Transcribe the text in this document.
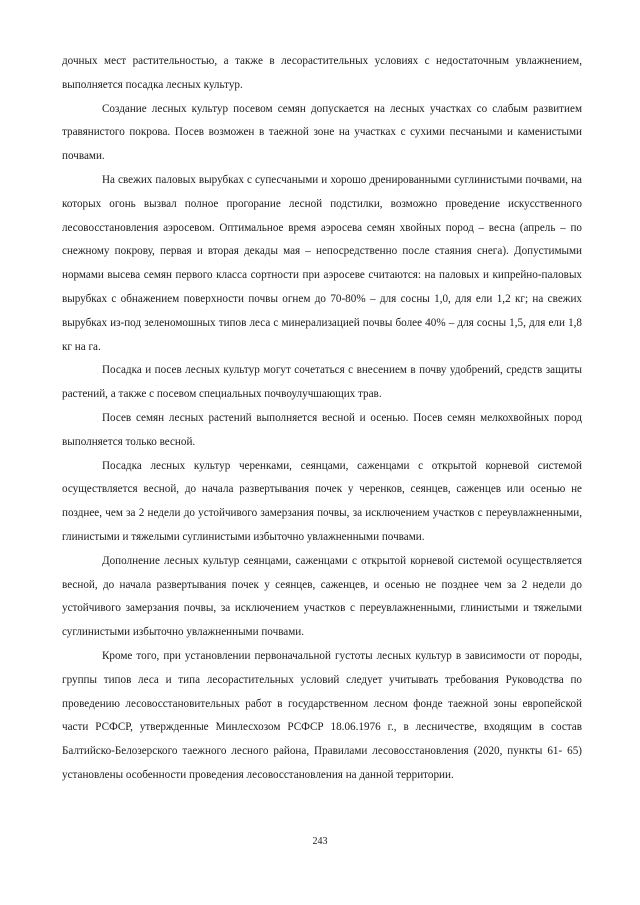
дочных мест растительностью, а также в лесорастительных условиях с недостаточным увлажнением, выполняется посадка лесных культур.

Создание лесных культур посевом семян допускается на лесных участках со слабым развитием травянистого покрова. Посев возможен в таежной зоне на участках с сухими песчаными и каменистыми почвами.

На свежих паловых вырубках с супесчаными и хорошо дренированными суглинистыми почвами, на которых огонь вызвал полное прогорание лесной подстилки, возможно проведение искусственного лесовосстановления аэросевом. Оптимальное время аэросева семян хвойных пород – весна (апрель – по снежному покрову, первая и вторая декады мая – непосредственно после стаяния снега). Допустимыми нормами высева семян первого класса сортности при аэросеве считаются: на паловых и кипрейно-паловых вырубках с обнажением поверхности почвы огнем до 70-80% – для сосны 1,0, для ели 1,2 кг; на свежих вырубках из-под зеленомошных типов леса с минерализацией почвы более 40% – для сосны 1,5, для ели 1,8 кг на га.

Посадка и посев лесных культур могут сочетаться с внесением в почву удобрений, средств защиты растений, а также с посевом специальных почвоулучшающих трав.

Посев семян лесных растений выполняется весной и осенью. Посев семян мелкохвойных пород выполняется только весной.

Посадка лесных культур черенками, сеянцами, саженцами с открытой корневой системой осуществляется весной, до начала развертывания почек у черенков, сеянцев, саженцев или осенью не позднее, чем за 2 недели до устойчивого замерзания почвы, за исключением участков с переувлажненными, глинистыми и тяжелыми суглинистыми избыточно увлажненными почвами.

Дополнение лесных культур сеянцами, саженцами с открытой корневой системой осуществляется весной, до начала развертывания почек у сеянцев, саженцев, и осенью не позднее чем за 2 недели до устойчивого замерзания почвы, за исключением участков с переувлажненными, глинистыми и тяжелыми суглинистыми избыточно увлажненными почвами.

Кроме того, при установлении первоначальной густоты лесных культур в зависимости от породы, группы типов леса и типа лесорастительных условий следует учитывать требования Руководства по проведению лесовосстановительных работ в государственном лесном фонде таежной зоны европейской части РСФСР, утвержденные Минлесхозом РСФСР 18.06.1976 г., в лесничестве, входящим в состав Балтийско-Белозерского таежного лесного района, Правилами лесовосстановления (2020, пункты 61- 65) установлены особенности проведения лесовосстановления на данной территории.

243
